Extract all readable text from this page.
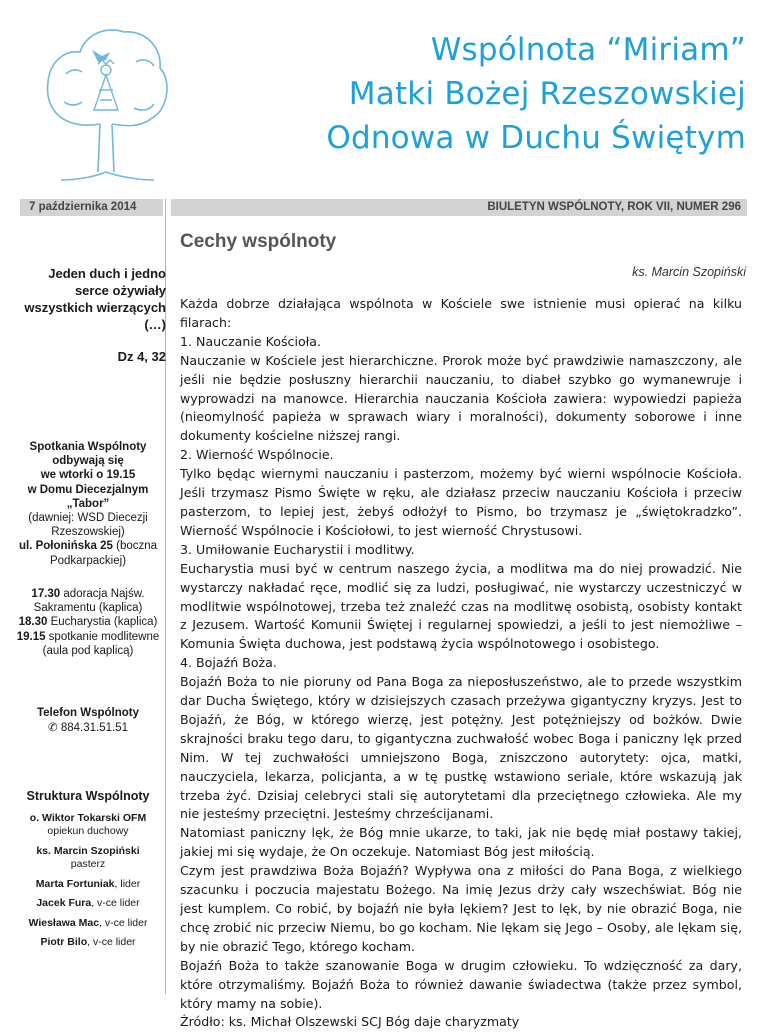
Wspólnota “Miriam”
Matki Bożej Rzeszowskiej
Odnowa w Duchu Świętym
7 października 2014	BIULETYN WSPÓLNOTY, ROK VII, NUMER 296
Jeden duch i jedno serce ożywiały wszystkich wierzących (…)
Dz 4, 32
Spotkania Wspólnoty
odbywają się
we wtorki o 19.15
w Domu Diecezjalnym
„Tabor”
(dawniej: WSD Diecezji Rzeszowskiej)
ul. Połonińska 25 (boczna Podkarpackiej)
17.30 adoracja Najśw. Sakramentu (kaplica)
18.30 Eucharystia (kaplica)
19.15 spotkanie modlitewne (aula pod kaplicą)
Telefon Wspólnoty
✆ 884.31.51.51
Struktura Wspólnoty
o. Wiktor Tokarski OFM
opiekun duchowy
ks. Marcin Szopiński
pasterz
Marta Fortuniak, lider
Jacek Fura, v-ce lider
Wiesława Mac, v-ce lider
Piotr Bilo, v-ce lider
Cechy wspólnoty
ks. Marcin Szopiński

Każda dobrze działająca wspólnota w Kościele swe istnienie musi opierać na kilku filarach:

1. Nauczanie Kościoła.

Nauczanie w Kościele jest hierarchiczne. Prorok może być prawdziwie namaszczony, ale jeśli nie będzie posłuszny hierarchii nauczaniu, to diabeł szybko go wymanewruje i wyprowadzi na manowce. Hierarchia nauczania Kościoła zawiera: wypowiedzi papieża (nieomylność papieża w sprawach wiary i moralności), dokumenty soborowe i inne dokumenty kościelne niższej rangi.

2. Wierność Wspólnocie.

Tylko będąc wiernymi nauczaniu i pasterzom, możemy być wierni wspólnocie Kościoła. Jeśli trzymasz Pismo Święte w ręku, ale działasz przeciw nauczaniu Kościoła i przeciw pasterzom, to lepiej jest, żebyś odłożył to Pismo, bo trzymasz je „świętokradzko”. Wierność Wspólnocie i Kościołowi, to jest wierność Chrystusowi.

3. Umiłowanie Eucharystii i modlitwy.

Eucharystia musi być w centrum naszego życia, a modlitwa ma do niej prowadzić. Nie wystarczy nakładać ręce, modlić się za ludzi, posługiwać, nie wystarczy uczestniczyć w modlitwie wspólnotowej, trzeba też znaleźć czas na modlitwę osobistą, osobisty kontakt z Jezusem. Wartość Komunii Świętej i regularnej spowiedzi, a jeśli to jest niemożliwe – Komunia Święta duchowa, jest podstawą życia wspólnotowego i osobistego.

4. Bojaźń Boża.

Bojaźń Boża to nie pioruny od Pana Boga za nieposłuszeństwo, ale to przede wszystkim dar Ducha Świętego, który w dzisiejszych czasach przeżywa gigantyczny kryzys. Jest to Bojaźń, że Bóg, w którego wierzę, jest potężny. Jest potężniejszy od bożków. Dwie skrajności braku tego daru, to gigantyczna zuchwałość wobec Boga i paniczny lęk przed Nim. W tej zuchwałości umniejszono Boga, zniszczono autorytety: ojca, matki, nauczyciela, lekarza, policjanta, a w tę pustkę wstawiono seriale, które wskazują jak trzeba żyć. Dzisiaj celebryci stali się autorytetami dla przeciętnego człowieka. Ale my nie jesteśmy przeciętni. Jesteśmy chrześcijanami.

Natomiast paniczny lęk, że Bóg mnie ukarze, to taki, jak nie będę miał postawy takiej, jakiej mi się wydaje, że On oczekuje. Natomiast Bóg jest miłością.

Czym jest prawdziwa Boża Bojaźń? Wypływa ona z miłości do Pana Boga, z wielkiego szacunku i poczucia majestatu Bożego. Na imię Jezus drży cały wszechświat. Bóg nie jest kumplem. Co robić, by bojaźń nie była lękiem? Jest to lęk, by nie obrazić Boga, nie chcę zrobić nic przeciw Niemu, bo go kocham. Nie lękam się Jego – Osoby, ale lękam się, by nie obrazić Tego, którego kocham.

Bojaźń Boża to także szanowanie Boga w drugim człowieku. To wdzięczność za dary, które otrzymaliśmy. Bojaźń Boża to również dawanie świadectwa (także przez symbol, który mamy na sobie).

Źródło: ks. Michał Olszewski SCJ Bóg daje charyzmaty
